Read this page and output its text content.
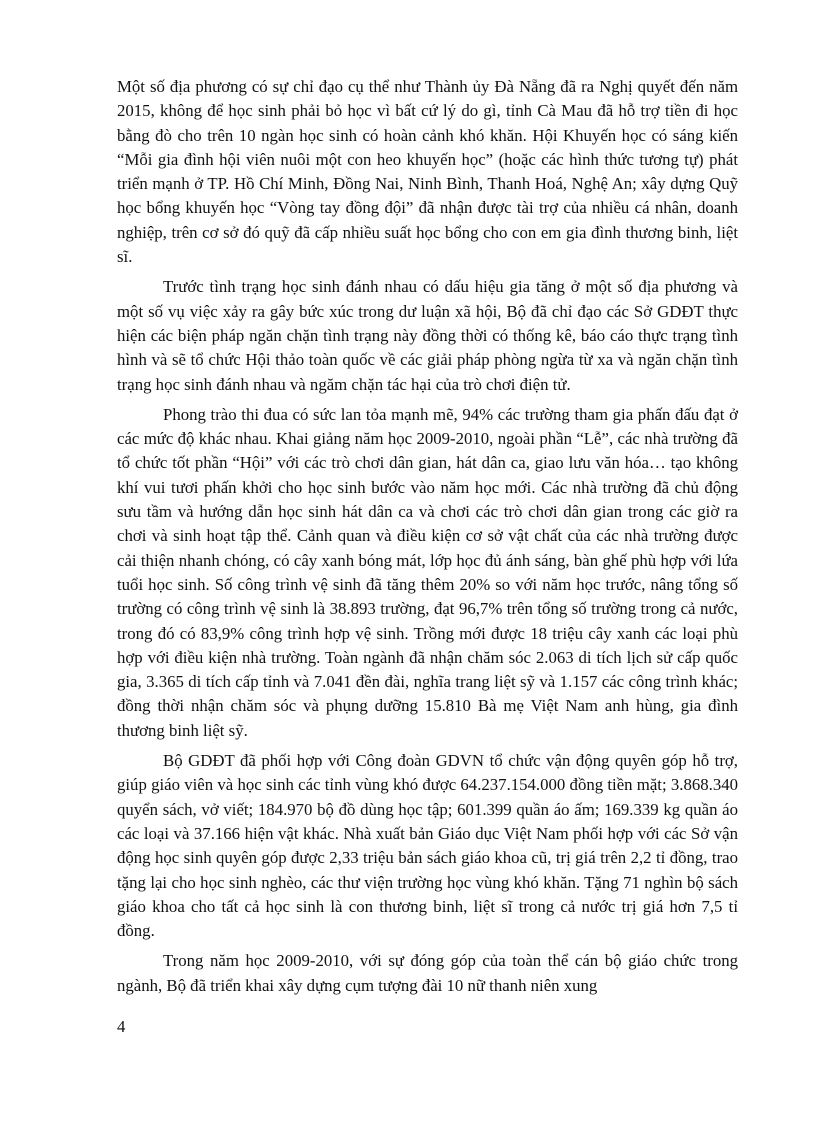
Một số địa phương có sự chỉ đạo cụ thể như Thành ủy Đà Nẵng đã ra Nghị quyết đến năm 2015, không để học sinh phải bỏ học vì bất cứ lý do gì, tỉnh Cà Mau đã hỗ trợ tiền đi học bằng đò cho trên 10 ngàn học sinh có hoàn cảnh khó khăn. Hội Khuyến học có sáng kiến “Mỗi gia đình hội viên nuôi một con heo khuyến học” (hoặc các hình thức tương tự) phát triển mạnh ở TP. Hồ Chí Minh, Đồng Nai, Ninh Bình, Thanh Hoá, Nghệ An; xây dựng Quỹ học bổng khuyến học “Vòng tay đồng đội” đã nhận được tài trợ của nhiều cá nhân, doanh nghiệp, trên cơ sở đó quỹ đã cấp nhiều suất học bổng cho con em gia đình thương binh, liệt sĩ.

Trước tình trạng học sinh đánh nhau có dấu hiệu gia tăng ở một số địa phương và một số vụ việc xảy ra gây bức xúc trong dư luận xã hội, Bộ đã chỉ đạo các Sở GDĐT thực hiện các biện pháp ngăn chặn tình trạng này đồng thời có thống kê, báo cáo thực trạng tình hình và sẽ tổ chức Hội thảo toàn quốc về các giải pháp phòng ngừa từ xa và ngăn chặn tình trạng học sinh đánh nhau và ngăm chặn tác hại của trò chơi điện tử.

Phong trào thi đua có sức lan tỏa mạnh mẽ, 94% các trường tham gia phấn đấu đạt ở các mức độ khác nhau. Khai giảng năm học 2009-2010, ngoài phần “Lễ”, các nhà trường đã tổ chức tốt phần “Hội” với các trò chơi dân gian, hát dân ca, giao lưu văn hóa… tạo không khí vui tươi phấn khởi cho học sinh bước vào năm học mới. Các nhà trường đã chủ động sưu tầm và hướng dẫn học sinh hát dân ca và chơi các trò chơi dân gian trong các giờ ra chơi và sinh hoạt tập thể. Cảnh quan và điều kiện cơ sở vật chất của các nhà trường được cải thiện nhanh chóng, có cây xanh bóng mát, lớp học đủ ánh sáng, bàn ghế phù hợp với lứa tuổi học sinh. Số công trình vệ sinh đã tăng thêm 20% so với năm học trước, nâng tổng số trường có công trình vệ sinh là 38.893 trường, đạt 96,7% trên tổng số trường trong cả nước, trong đó có 83,9% công trình hợp vệ sinh. Trồng mới được 18 triệu cây xanh các loại phù hợp với điều kiện nhà trường. Toàn ngành đã nhận chăm sóc 2.063 di tích lịch sử cấp quốc gia, 3.365 di tích cấp tỉnh và 7.041 đền đài, nghĩa trang liệt sỹ và 1.157 các công trình khác; đồng thời nhận chăm sóc và phụng dưỡng 15.810 Bà mẹ Việt Nam anh hùng, gia đình thương binh liệt sỹ.

Bộ GDĐT đã phối hợp với Công đoàn GDVN tổ chức vận động quyên góp hỗ trợ, giúp giáo viên và học sinh các tỉnh vùng khó được 64.237.154.000 đồng tiền mặt; 3.868.340 quyển sách, vở viết; 184.970 bộ đồ dùng học tập; 601.399 quần áo ấm; 169.339 kg quần áo các loại và 37.166 hiện vật khác. Nhà xuất bản Giáo dục Việt Nam phối hợp với các Sở vận động học sinh quyên góp được 2,33 triệu bản sách giáo khoa cũ, trị giá trên 2,2 tỉ đồng, trao tặng lại cho học sinh nghèo, các thư viện trường học vùng khó khăn. Tặng 71 nghìn bộ sách giáo khoa cho tất cả học sinh là con thương binh, liệt sĩ trong cả nước trị giá hơn 7,5 tỉ đồng.

Trong năm học 2009-2010, với sự đóng góp của toàn thể cán bộ giáo chức trong ngành, Bộ đã triển khai xây dựng cụm tượng đài 10 nữ thanh niên xung

4
